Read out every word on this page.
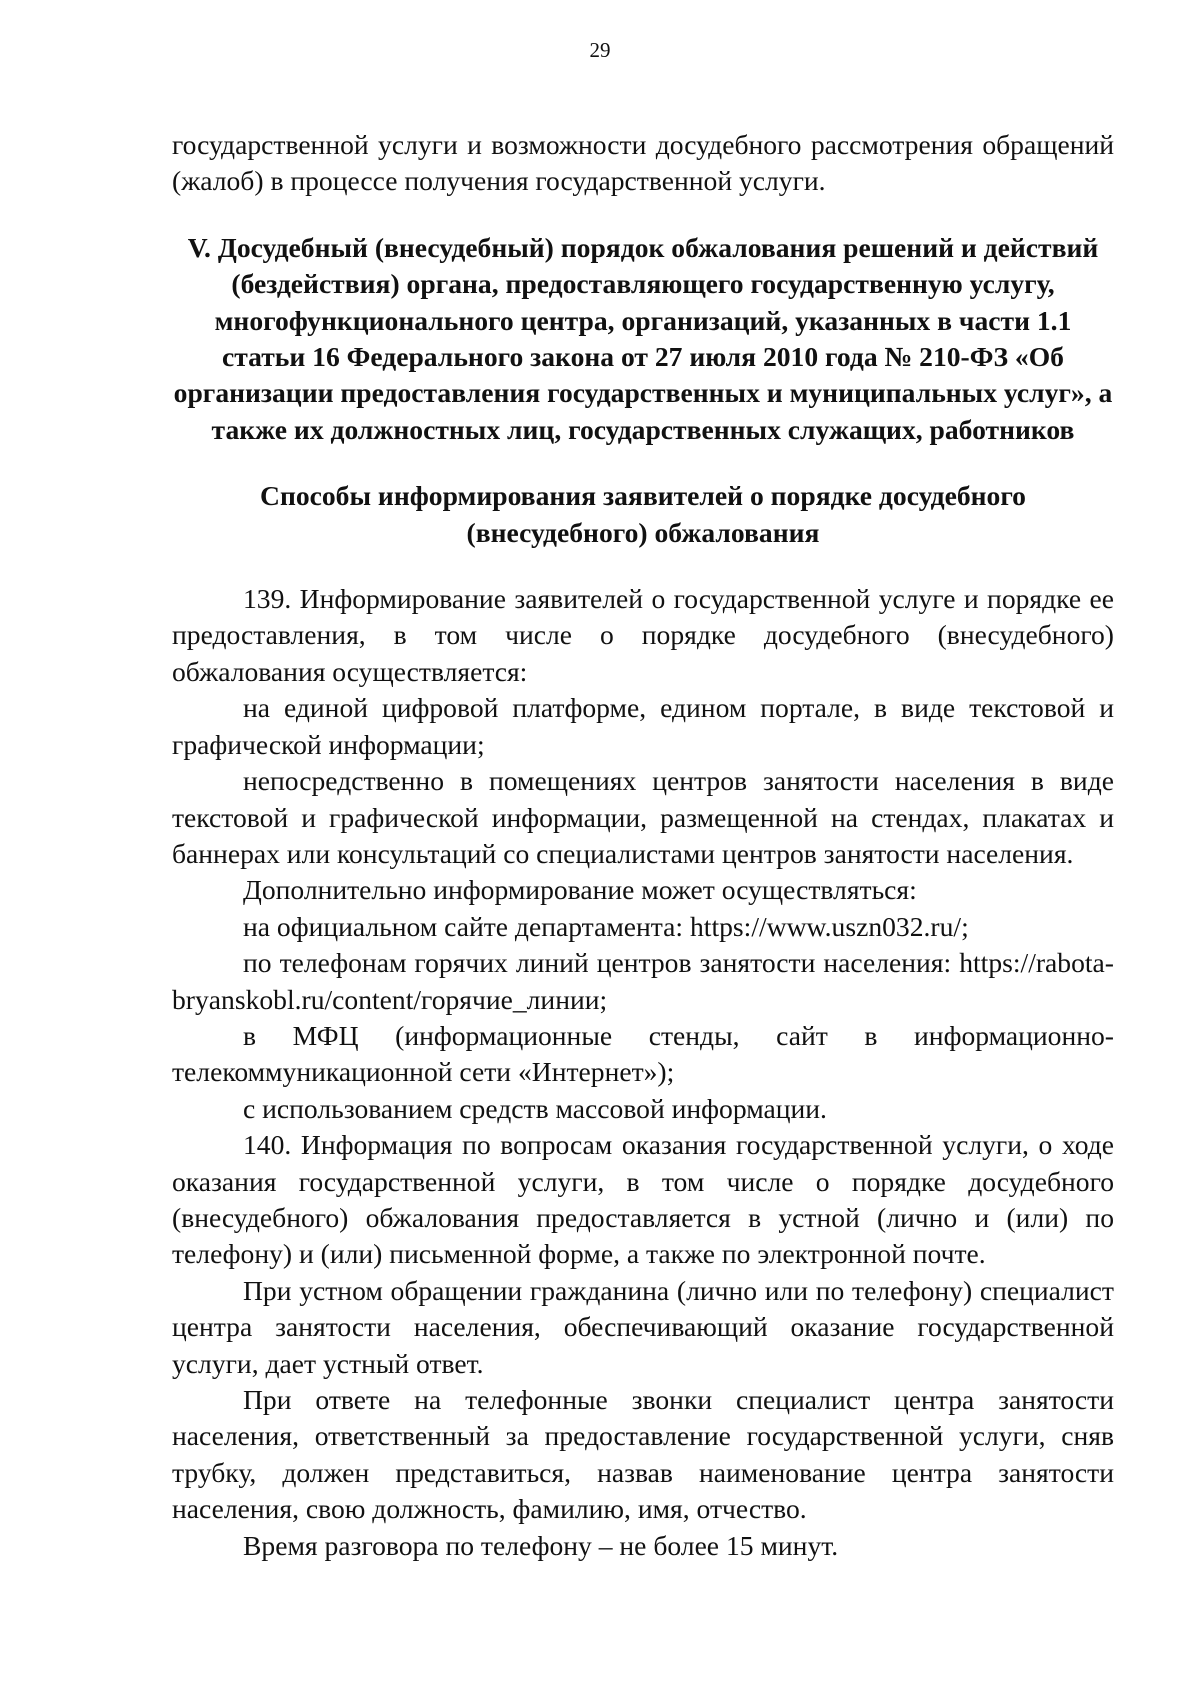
29

государственной услуги и возможности досудебного рассмотрения обращений (жалоб) в процессе получения государственной услуги.

V. Досудебный (внесудебный) порядок обжалования решений и действий (бездействия) органа, предоставляющего государственную услугу, многофункционального центра, организаций, указанных в части 1.1 статьи 16 Федерального закона от 27 июля 2010 года № 210-ФЗ «Об организации предоставления государственных и муниципальных услуг», а также их должностных лиц, государственных служащих, работников

Способы информирования заявителей о порядке досудебного (внесудебного) обжалования

139. Информирование заявителей о государственной услуге и порядке ее предоставления, в том числе о порядке досудебного (внесудебного) обжалования осуществляется:

на единой цифровой платформе, едином портале, в виде текстовой и графической информации;

непосредственно в помещениях центров занятости населения в виде текстовой и графической информации, размещенной на стендах, плакатах и баннерах или консультаций со специалистами центров занятости населения.

Дополнительно информирование может осуществляться:

на официальном сайте департамента: https://www.uszn032.ru/;

по телефонам горячих линий центров занятости населения: https://rabota-bryanskobl.ru/content/горячие_линии;

в МФЦ (информационные стенды, сайт в информационно-телекоммуникационной сети «Интернет»);

с использованием средств массовой информации.

140. Информация по вопросам оказания государственной услуги, о ходе оказания государственной услуги, в том числе о порядке досудебного (внесудебного) обжалования предоставляется в устной (лично и (или) по телефону) и (или) письменной форме, а также по электронной почте.

При устном обращении гражданина (лично или по телефону) специалист центра занятости населения, обеспечивающий оказание государственной услуги, дает устный ответ.

При ответе на телефонные звонки специалист центра занятости населения, ответственный за предоставление государственной услуги, сняв трубку, должен представиться, назвав наименование центра занятости населения, свою должность, фамилию, имя, отчество.

Время разговора по телефону – не более 15 минут.
